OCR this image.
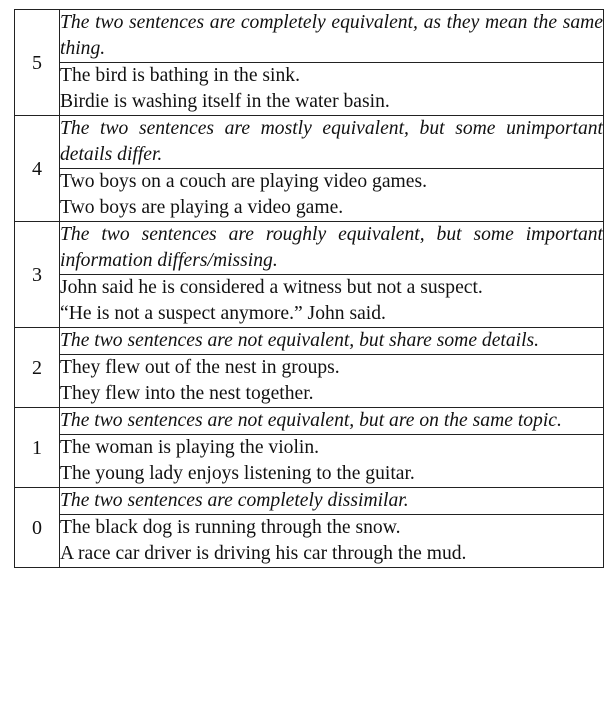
5	The two sentences are completely equivalent, as they mean the same thing.

	The bird is bathing in the sink.
Birdie is washing itself in the water basin.

4	The two sentences are mostly equivalent, but some unimportant details differ.

	Two boys on a couch are playing video games.
Two boys are playing a video game.

3	The two sentences are roughly equivalent, but some important information differs/missing.

	John said he is considered a witness but not a suspect.
“He is not a suspect anymore.” John said.

2	The two sentences are not equivalent, but share some details.

	They flew out of the nest in groups.
They flew into the nest together.

1	The two sentences are not equivalent, but are on the same topic.

	The woman is playing the violin.
The young lady enjoys listening to the guitar.

0	The two sentences are completely dissimilar.

	The black dog is running through the snow.
A race car driver is driving his car through the mud.
